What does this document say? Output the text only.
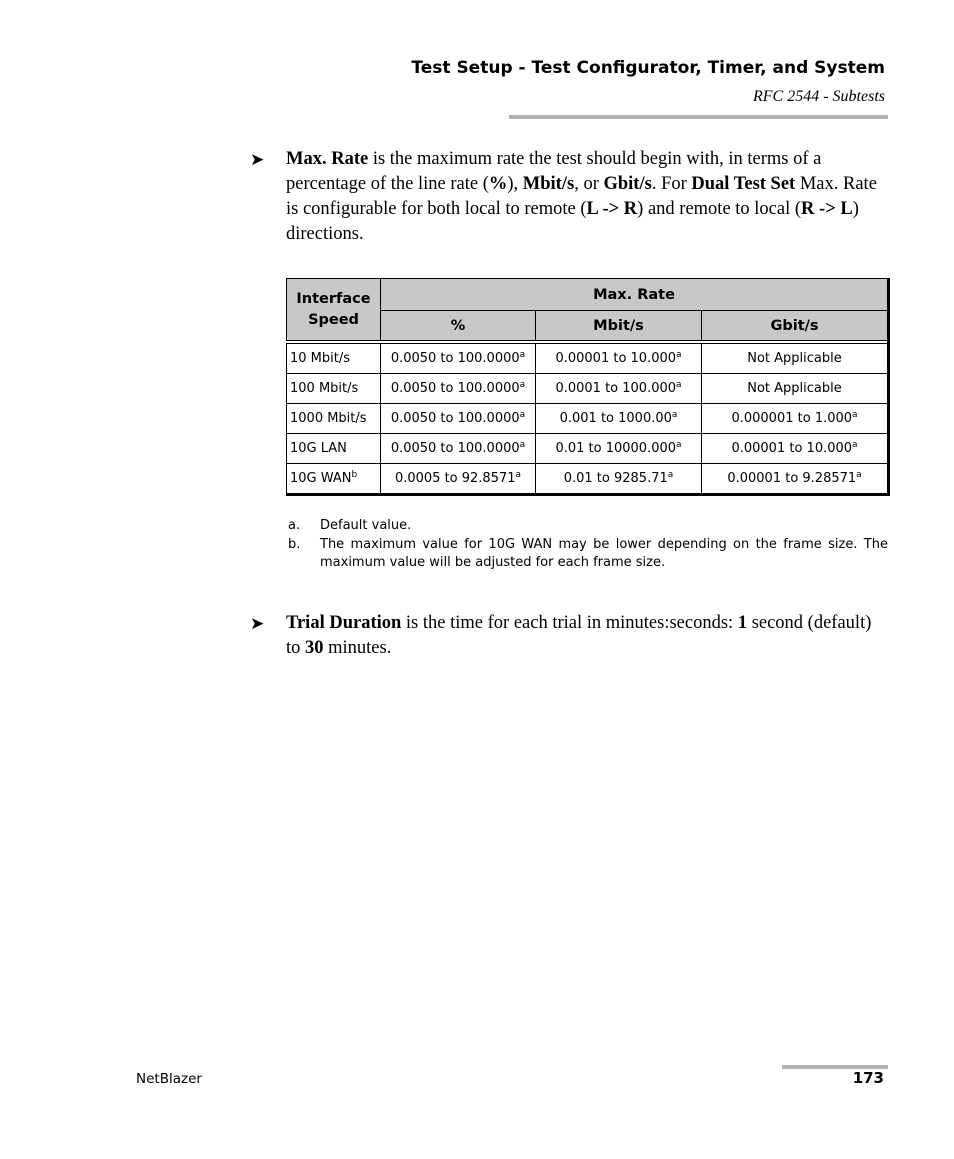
Test Setup - Test Configurator, Timer, and System
RFC 2544 - Subtests
➤ Max. Rate is the maximum rate the test should begin with, in terms of a percentage of the line rate (%), Mbit/s, or Gbit/s. For Dual Test Set Max. Rate is configurable for both local to remote (L -> R) and remote to local (R -> L) directions.
Interface
Speed	Max. Rate		
	%	Mbit/s	Gbit/s

10 Mbit/s	0.0050 to 100.0000$^a$	0.00001 to 10.000$^a$	Not Applicable
100 Mbit/s	0.0050 to 100.0000$^a$	0.0001 to 100.000$^a$	Not Applicable
1000 Mbit/s	0.0050 to 100.0000$^a$	0.001 to 1000.00$^a$	0.000001 to 1.000$^a$
10G LAN	0.0050 to 100.0000$^a$	0.01 to 10000.000$^a$	0.00001 to 10.000$^a$
10G WAN$^b$	0.0005 to 92.8571$^a$	0.01 to 9285.71$^a$	0.00001 to 9.28571$^a$
a. Default value.
b. The maximum value for 10G WAN may be lower depending on the frame size. The maximum value will be adjusted for each frame size.
➤ Trial Duration is the time for each trial in minutes:seconds: 1 second (default) to 30 minutes.
NetBlazer	173
